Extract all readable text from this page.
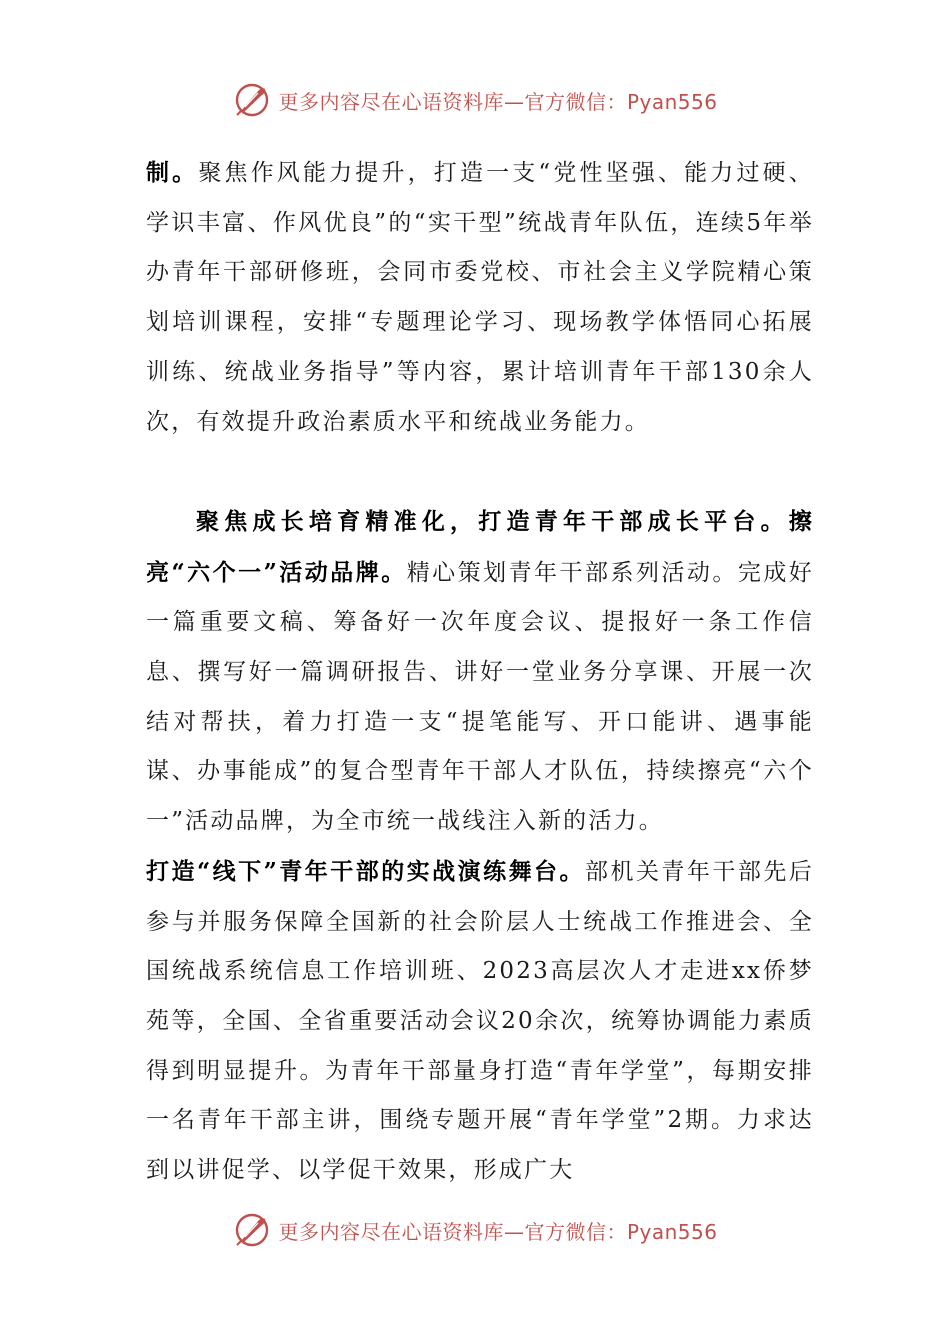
更多内容尽在心语资料库—官方微信：Pyan556

制。聚焦作风能力提升，打造一支“党性坚强、能力过硬、学识丰富、作风优良”的“实干型”统战青年队伍，连续5年举办青年干部研修班，会同市委党校、市社会主义学院精心策划培训课程，安排“专题理论学习、现场教学体悟同心拓展训练、统战业务指导”等内容，累计培训青年干部130余人次，有效提升政治素质水平和统战业务能力。

聚焦成长培育精准化，打造青年干部成长平台。擦亮“六个一”活动品牌。精心策划青年干部系列活动。完成好一篇重要文稿、筹备好一次年度会议、提报好一条工作信息、撰写好一篇调研报告、讲好一堂业务分享课、开展一次结对帮扶，着力打造一支“提笔能写、开口能讲、遇事能谋、办事能成”的复合型青年干部人才队伍，持续擦亮“六个一”活动品牌，为全市统一战线注入新的活力。

打造“线下”青年干部的实战演练舞台。部机关青年干部先后参与并服务保障全国新的社会阶层人士统战工作推进会、全国统战系统信息工作培训班、2023高层次人才走进xx侨梦苑等，全国、全省重要活动会议20余次，统筹协调能力素质得到明显提升。为青年干部量身打造“青年学堂”，每期安排一名青年干部主讲，围绕专题开展“青年学堂”2期。力求达到以讲促学、以学促干效果，形成广大

更多内容尽在心语资料库—官方微信：Pyan556
